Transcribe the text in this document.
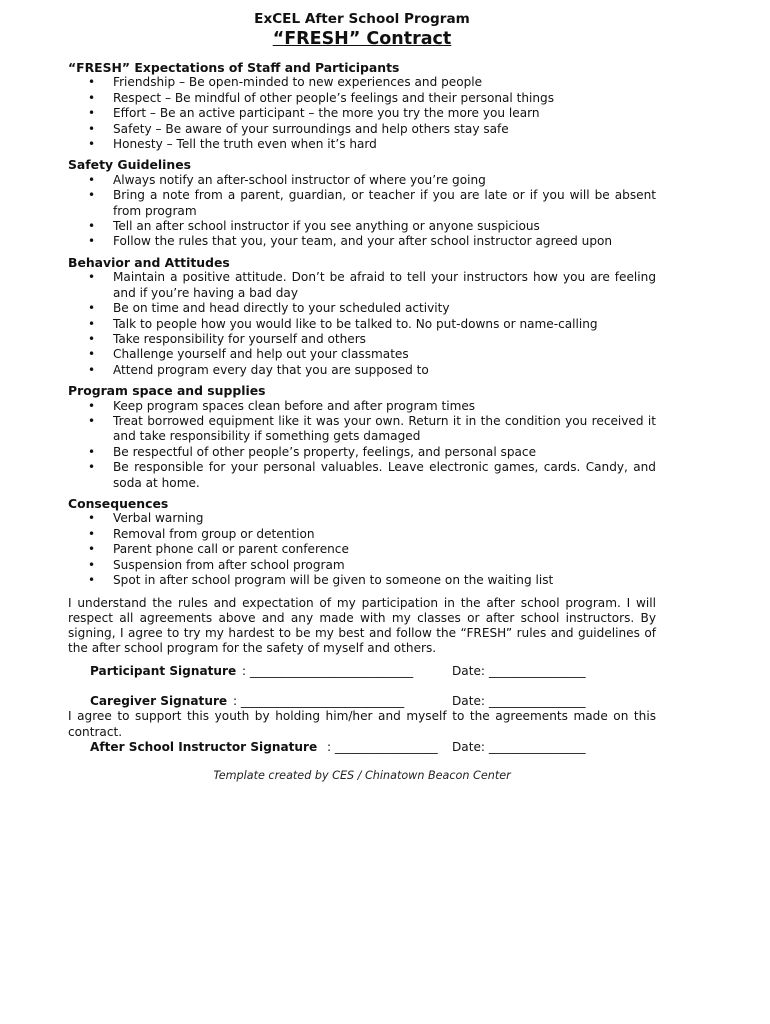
ExCEL After School Program
“FRESH” Contract
“FRESH” Expectations of Staff and Participants
• Friendship – Be open-minded to new experiences and people
• Respect – Be mindful of other people’s feelings and their personal things
• Effort – Be an active participant – the more you try the more you learn
• Safety – Be aware of your surroundings and help others stay safe
• Honesty – Tell the truth even when it’s hard
Safety Guidelines
• Always notify an after-school instructor of where you’re going
• Bring a note from a parent, guardian, or teacher if you are late or if you will be absent from program
• Tell an after school instructor if you see anything or anyone suspicious
• Follow the rules that you, your team, and your after school instructor agreed upon
Behavior and Attitudes
• Maintain a positive attitude. Don’t be afraid to tell your instructors how you are feeling and if you’re having a bad day
• Be on time and head directly to your scheduled activity
• Talk to people how you would like to be talked to. No put-downs or name-calling
• Take responsibility for yourself and others
• Challenge yourself and help out your classmates
• Attend program every day that you are supposed to
Program space and supplies
• Keep program spaces clean before and after program times
• Treat borrowed equipment like it was your own. Return it in the condition you received it and take responsibility if something gets damaged
• Be respectful of other people’s property, feelings, and personal space
• Be responsible for your personal valuables. Leave electronic games, cards. Candy, and soda at home.
Consequences
• Verbal warning
• Removal from group or detention
• Parent phone call or parent conference
• Suspension from after school program
• Spot in after school program will be given to someone on the waiting list
I understand the rules and expectation of my participation in the after school program. I will respect all agreements above and any made with my classes or after school instructors. By signing, I agree to try my hardest to be my best and follow the “FRESH” rules and guidelines of the after school program for the safety of myself and others.
Participant Signature : ___________________________	Date: ________________
Caregiver Signature : ___________________________	Date: ________________
I agree to support this youth by holding him/her and myself to the agreements made on this contract.
After School Instructor Signature : _________________ Date: ________________
Template created by CES / Chinatown Beacon Center
